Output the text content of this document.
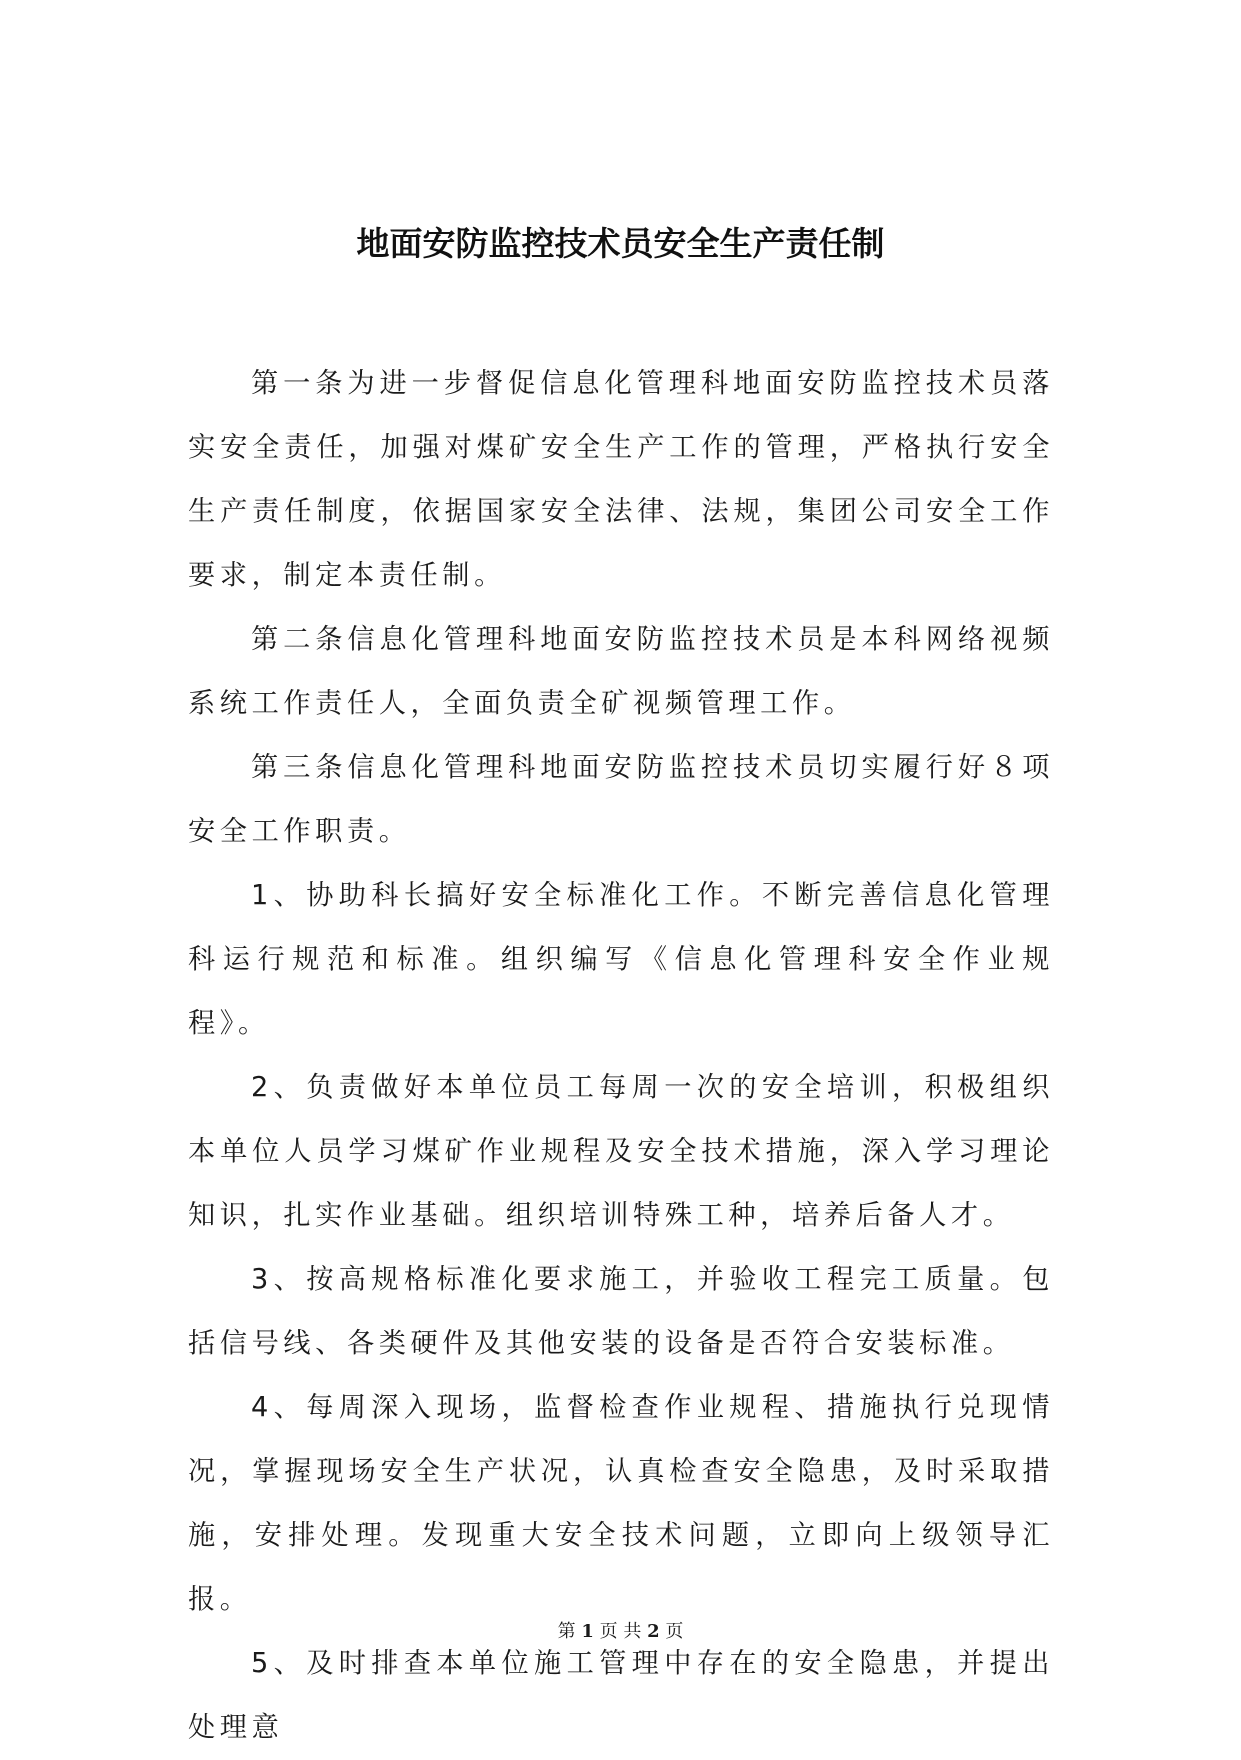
地面安防监控技术员安全生产责任制

第一条为进一步督促信息化管理科地面安防监控技术员落实安全责任，加强对煤矿安全生产工作的管理，严格执行安全生产责任制度，依据国家安全法律、法规，集团公司安全工作要求，制定本责任制。

第二条信息化管理科地面安防监控技术员是本科网络视频系统工作责任人，全面负责全矿视频管理工作。

第三条信息化管理科地面安防监控技术员切实履行好８项安全工作职责。

1、协助科长搞好安全标准化工作。不断完善信息化管理科运行规范和标准。组织编写《信息化管理科安全作业规程》。

2、负责做好本单位员工每周一次的安全培训，积极组织本单位人员学习煤矿作业规程及安全技术措施，深入学习理论知识，扎实作业基础。组织培训特殊工种，培养后备人才。

3、按高规格标准化要求施工，并验收工程完工质量。包括信号线、各类硬件及其他安装的设备是否符合安装标准。

4、每周深入现场，监督检查作业规程、措施执行兑现情况，掌握现场安全生产状况，认真检查安全隐患，及时采取措施，安排处理。发现重大安全技术问题，立即向上级领导汇报。

5、及时排查本单位施工管理中存在的安全隐患，并提出处理意

第 1 页 共 2 页
